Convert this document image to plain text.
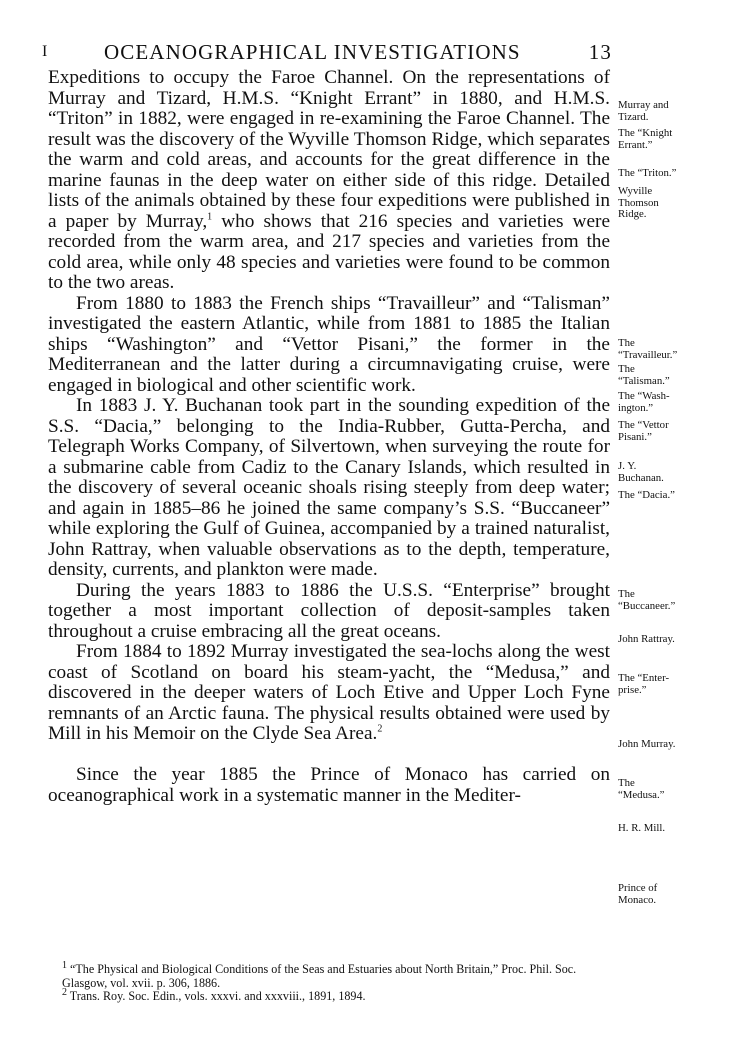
I	OCEANOGRAPHICAL INVESTIGATIONS	13

Expeditions to occupy the Faroe Channel. On the representations of Murray and Tizard, H.M.S. “Knight Errant” in 1880, and H.M.S. “Triton” in 1882, were engaged in re-examining the Faroe Channel. The result was the discovery of the Wyville Thomson Ridge, which separates the warm and cold areas, and accounts for the great difference in the marine faunas in the deep water on either side of this ridge. Detailed lists of the animals obtained by these four expeditions were published in a paper by Murray,$^1$ who shows that 216 species and varieties were recorded from the warm area, and 217 species and varieties from the cold area, while only 48 species and varieties were found to be common to the two areas.

From 1880 to 1883 the French ships “Travailleur” and “Talisman” investigated the eastern Atlantic, while from 1881 to 1885 the Italian ships “Washington” and “Vettor Pisani,” the former in the Mediterranean and the latter during a circumnavigating cruise, were engaged in biological and other scientific work.

In 1883 J. Y. Buchanan took part in the sounding expedition of the S.S. “Dacia,” belonging to the India-Rubber, Gutta-Percha, and Telegraph Works Company, of Silvertown, when surveying the route for a submarine cable from Cadiz to the Canary Islands, which resulted in the discovery of several oceanic shoals rising steeply from deep water; and again in 1885–86 he joined the same company’s S.S. “Buccaneer” while exploring the Gulf of Guinea, accompanied by a trained naturalist, John Rattray, when valuable observations as to the depth, temperature, density, currents, and plankton were made.

During the years 1883 to 1886 the U.S.S. “Enterprise” brought together a most important collection of deposit-samples taken throughout a cruise embracing all the great oceans.

From 1884 to 1892 Murray investigated the sea-lochs along the west coast of Scotland on board his steam-yacht, the “Medusa,” and discovered in the deeper waters of Loch Etive and Upper Loch Fyne remnants of an Arctic fauna. The physical results obtained were used by Mill in his Memoir on the Clyde Sea Area.$^2$

Since the year 1885 the Prince of Monaco has carried on oceanographical work in a systematic manner in the Mediter-

Murray and
Tizard.
The “Knight
Errant.”
The “Triton.”
Wyville
Thomson
Ridge.
The
“Travailleur.”
The
“Talisman.”
The “Wash-
ington.”
The “Vettor
Pisani.”
J. Y.
Buchanan.
The “Dacia.”
The
“Buccaneer.”
John Rattray.
The “Enter-
prise.”
John Murray.
The
“Medusa.”
H. R. Mill.
Prince of
Monaco.

$^1$ “The Physical and Biological Conditions of the Seas and Estuaries about North Britain,” Proc. Phil. Soc. Glasgow, vol. xvii. p. 306, 1886.

$^2$ Trans. Roy. Soc. Edin., vols. xxxvi. and xxxviii., 1891, 1894.
